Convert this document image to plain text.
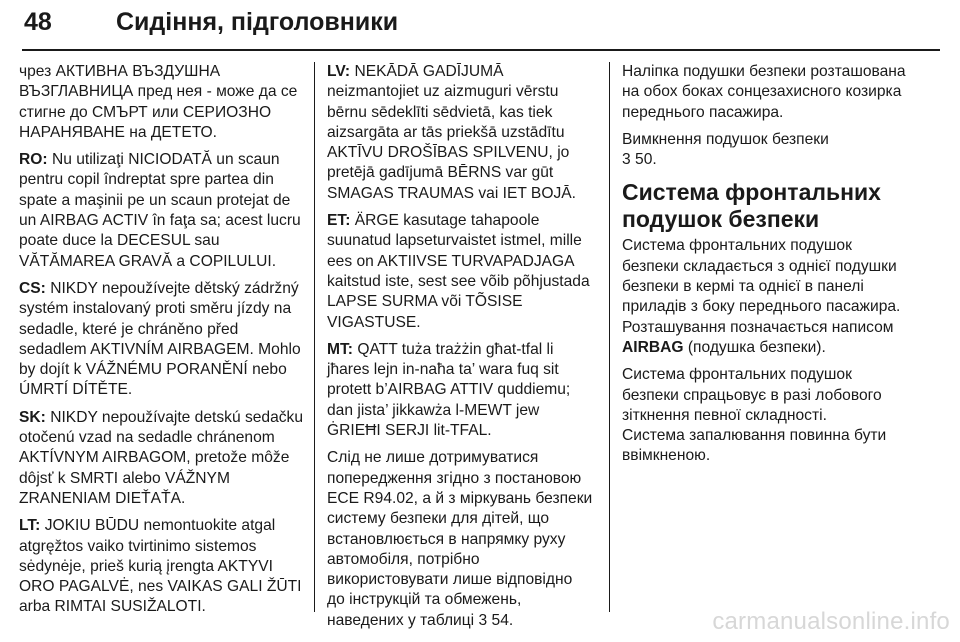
48	Сидіння, підголовники

чрез АКТИВНА ВЪЗДУШНА ВЪЗГЛАВНИЦА пред нея - може да се стигне до СМЪРТ или СЕРИОЗНО НАРАНЯВАНЕ на ДЕТЕТО.

RO: Nu utilizaţi NICIODATĂ un scaun pentru copil îndreptat spre partea din spate a maşinii pe un scaun protejat de un AIRBAG ACTIV în faţa sa; acest lucru poate duce la DECESUL sau VĂTĂMAREA GRAVĂ a COPILULUI.

CS: NIKDY nepoužívejte dětský zádržný systém instalovaný proti směru jízdy na sedadle, které je chráněno před sedadlem AKTIVNÍM AIRBAGEM. Mohlo by dojít k VÁŽNÉMU PORANĚNÍ nebo ÚMRTÍ DÍTĚTE.

SK: NIKDY nepoužívajte detskú sedačku otočenú vzad na sedadle chránenom AKTÍVNYM AIRBAGOM, pretože môže dôjsť k SMRTI alebo VÁŽNYM ZRANENIAM DIEŤAŤA.

LT: JOKIU BŪDU nemontuokite atgal atgręžtos vaiko tvirtinimo sistemos sėdynėje, prieš kurią įrengta AKTYVI ORO PAGALVĖ, nes VAIKAS GALI ŽŪTI arba RIMTAI SUSIŽALOTI.

LV: NEKĀDĀ GADĪJUMĀ neizmantojiet uz aizmuguri vērstu bērnu sēdeklīti sēdvietā, kas tiek aizsargāta ar tās priekšā uzstādītu AKTĪVU DROŠĪBAS SPILVENU, jo pretējā gadījumā BĒRNS var gūt SMAGAS TRAUMAS vai IET BOJĀ.

ET: ÄRGE kasutage tahapoole suunatud lapseturvaistet istmel, mille ees on AKTIIVSE TURVAPADJAGA kaitstud iste, sest see võib põhjustada LAPSE SURMA või TÕSISE VIGASTUSE.

MT: QATT tuża trażżin għat-tfal li jħares lejn in-naħa ta’ wara fuq sit protett b’AIRBAG ATTIV quddiemu; dan jista’ jikkawża l-MEWT jew ĠRIEĦI SERJI lit-TFAL.

Слід не лише дотримуватися попередження згідно з постановою ECE R94.02, а й з міркувань безпеки систему безпеки для дітей, що встановлюється в напрямку руху автомобіля, потрібно використовувати лише відповідно до інструкцій та обмежень, наведених у таблиці 3 54.

Наліпка подушки безпеки розташована на обох боках сонцезахисного козирка переднього пасажира.

Вимкнення подушок безпеки

3 50.

Система фронтальних подушок безпеки

Система фронтальних подушок безпеки складається з однієї подушки безпеки в кермі та однієї в панелі приладів з боку переднього пасажира. Розташування позначається написом AIRBAG (подушка безпеки).

Система фронтальних подушок безпеки спрацьовує в разі лобового зіткнення певної складності.

Система запалювання повинна бути ввімкненою.

carmanualsonline.info
